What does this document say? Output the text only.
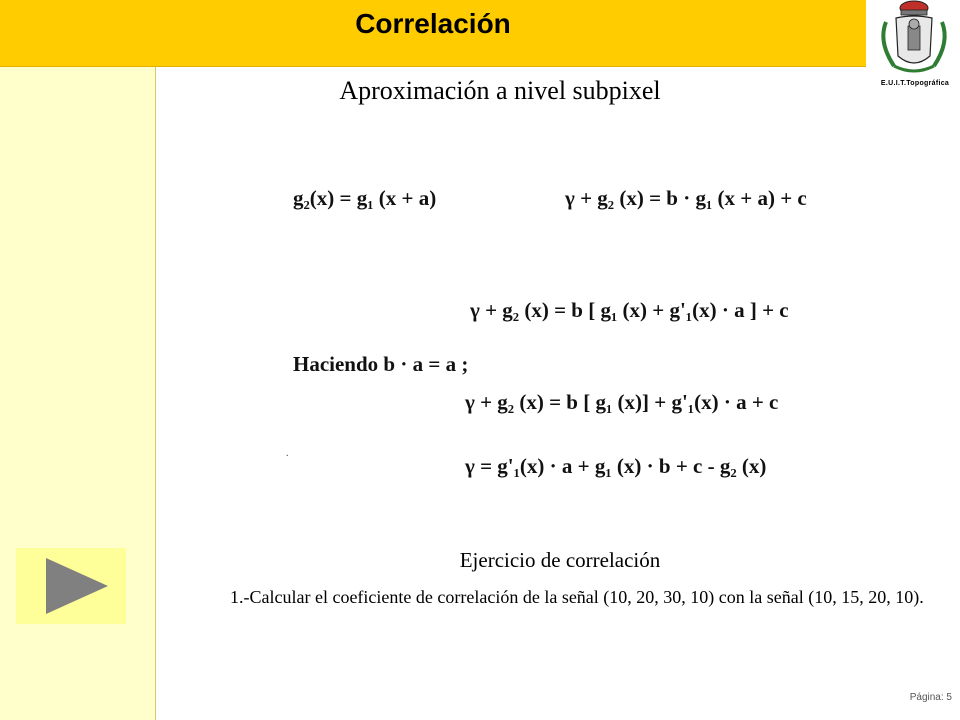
Correlación
E.U.I.T.Topográfica
Aproximación a nivel subpixel
g₂(x) = g₁ (x + a)	γ + g₂ (x) = b · g₁ (x + a) + c
γ + g₂ (x) = b [ g₁ (x) + g'₁(x) · a ] + c
Haciendo b · a = a ;
γ + g₂ (x) = b [ g₁ (x)] + g'₁(x) · a + c
.
γ = g'₁(x) · a + g₁ (x) · b + c - g₂ (x)
Ejercicio de correlación
1.-Calcular el coeficiente de correlación de la señal (10, 20, 30, 10) con la señal (10, 15, 20, 10).
Página: 5
